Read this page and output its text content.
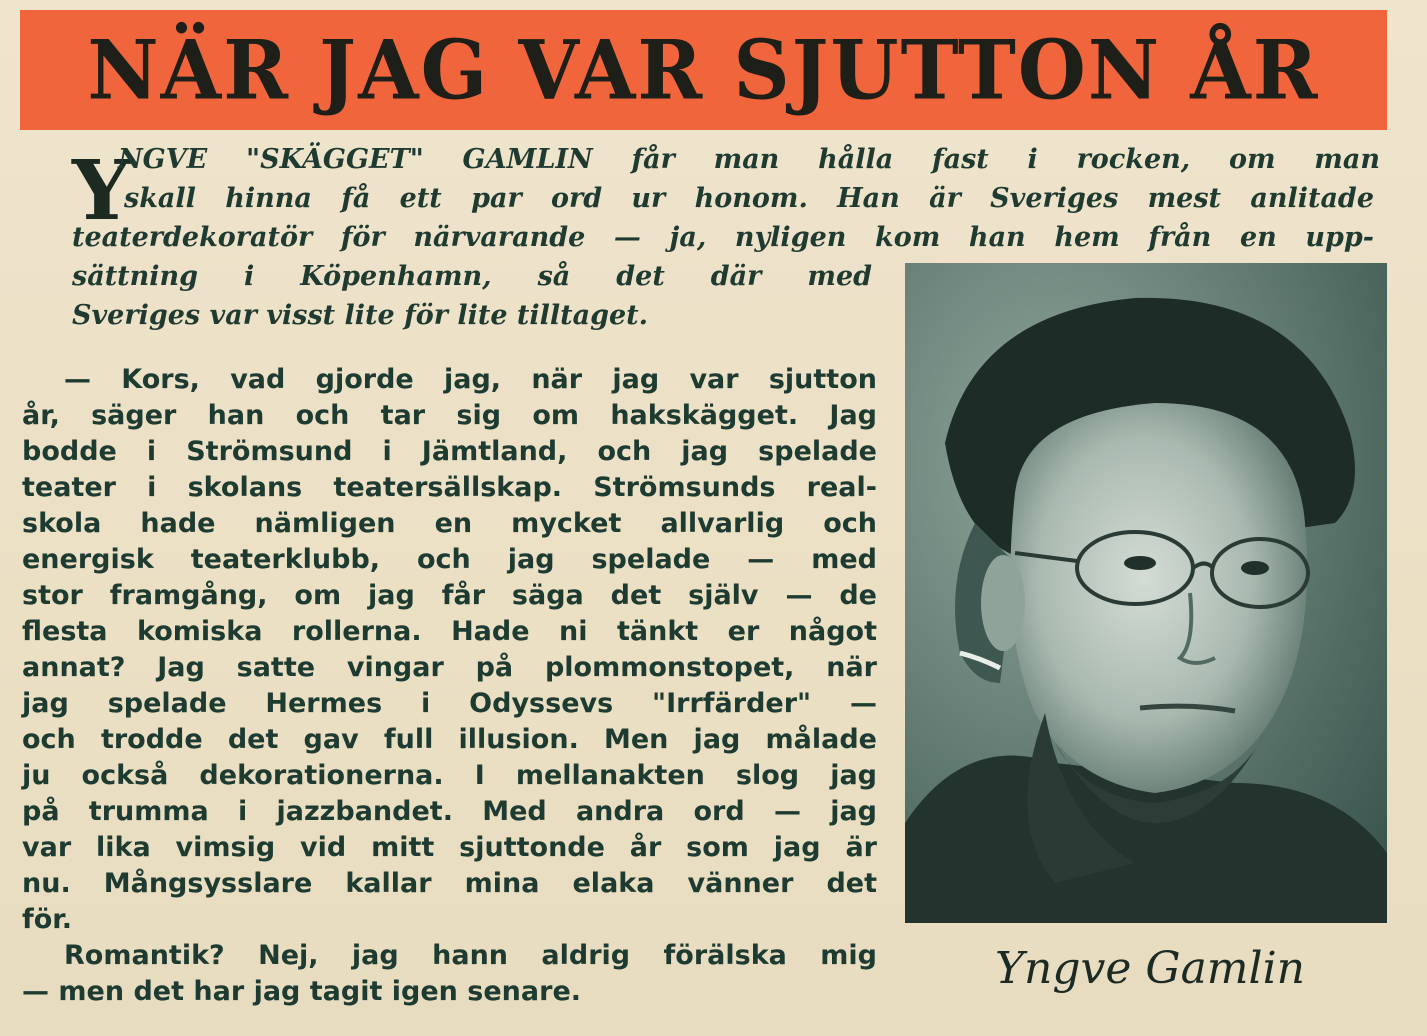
NÄR JAG VAR SJUTTON ÅR
Y
NGVE "SKÄGGET" GAMLIN får man hålla fast i rocken, om man
skall hinna få ett par ord ur honom. Han är Sveriges mest anlitade
teaterdekoratör för närvarande — ja, nyligen kom han hem från en upp-
sättning i Köpenhamn, så det där med
Sveriges var visst lite för lite tilltaget.
— Kors, vad gjorde jag, när jag var sjutton
år, säger han och tar sig om hakskägget. Jag
bodde i Strömsund i Jämtland, och jag spelade
teater i skolans teatersällskap. Strömsunds real-
skola hade nämligen en mycket allvarlig och
energisk teaterklubb, och jag spelade — med
stor framgång, om jag får säga det själv — de
flesta komiska rollerna. Hade ni tänkt er något
annat? Jag satte vingar på plommonstopet, när
jag spelade Hermes i Odyssevs "Irrfärder" —
och trodde det gav full illusion. Men jag målade
ju också dekorationerna. I mellanakten slog jag
på trumma i jazzbandet. Med andra ord — jag
var lika vimsig vid mitt sjuttonde år som jag är
nu. Mångsysslare kallar mina elaka vänner det
för.
Romantik? Nej, jag hann aldrig förälska mig
— men det har jag tagit igen senare.	Yngve Gamlin
